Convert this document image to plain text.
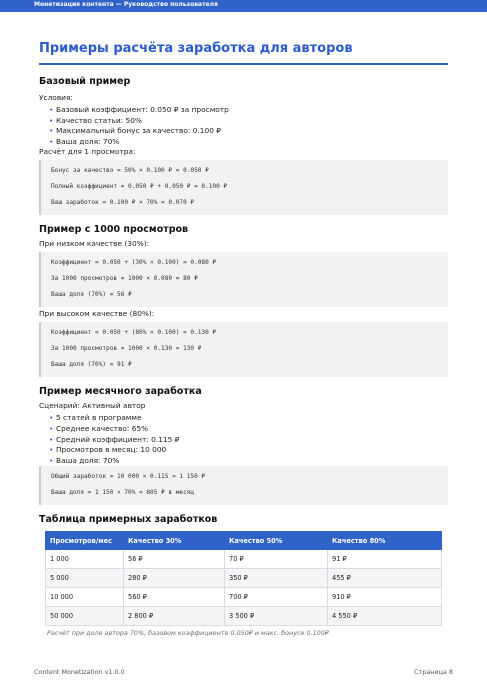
Монетизация контента — Руководство пользователя
Примеры расчёта заработка для авторов
Базовый пример
Условия:
• Базовый коэффициент: 0.050 ₽ за просмотр
• Качество статьи: 50%
• Максимальный бонус за качество: 0.100 ₽
• Ваша доля: 70%
Расчёт для 1 просмотра:
Бонус за качество = 50% × 0.100 ₽ = 0.050 ₽
Полный коэффициент = 0.050 ₽ + 0.050 ₽ = 0.100 ₽
Ваш заработок = 0.100 ₽ × 70% = 0.070 ₽
Пример с 1000 просмотров
При низком качестве (30%):
Коэффициент = 0.050 + (30% × 0.100) = 0.080 ₽
За 1000 просмотров = 1000 × 0.080 = 80 ₽
Ваша доля (70%) = 56 ₽
При высоком качестве (80%):
Коэффициент = 0.050 + (80% × 0.100) = 0.130 ₽
За 1000 просмотров = 1000 × 0.130 = 130 ₽
Ваша доля (70%) = 91 ₽
Пример месячного заработка
Сценарий: Активный автор
• 5 статей в программе
• Среднее качество: 65%
• Средний коэффициент: 0.115 ₽
• Просмотров в месяц: 10 000
• Ваша доля: 70%
Общий заработок = 10 000 × 0.115 = 1 150 ₽
Ваша доля = 1 150 × 70% = 805 ₽ в месяц
Таблица примерных заработков
Просмотров/мес	Качество 30%	Качество 50%	Качество 80%
1 000	56 ₽	70 ₽	91 ₽
5 000	280 ₽	350 ₽	455 ₽
10 000	560 ₽	700 ₽	910 ₽
50 000	2 800 ₽	3 500 ₽	4 550 ₽
Расчёт при доле автора 70%, базовом коэффициенте 0.050₽ и макс. бонусе 0.100₽
Content Monetization v1.0.0	Страница 8
